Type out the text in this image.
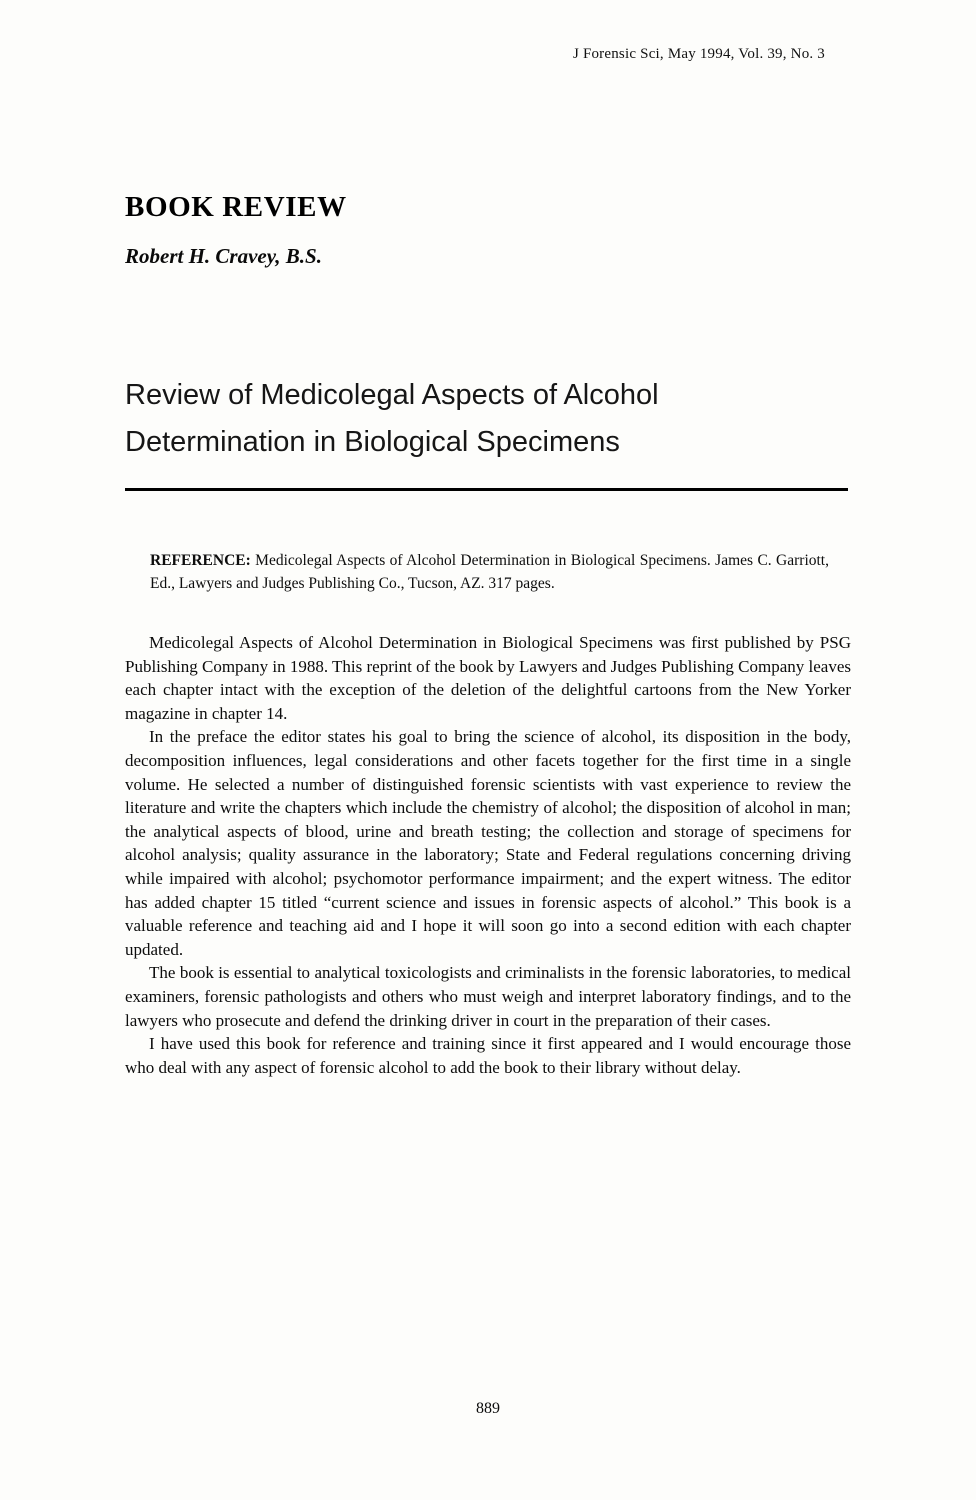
J Forensic Sci, May 1994, Vol. 39, No. 3
BOOK REVIEW
Robert H. Cravey, B.S.
Review of Medicolegal Aspects of Alcohol Determination in Biological Specimens
REFERENCE: Medicolegal Aspects of Alcohol Determination in Biological Specimens. James C. Garriott, Ed., Lawyers and Judges Publishing Co., Tucson, AZ. 317 pages.

Medicolegal Aspects of Alcohol Determination in Biological Specimens was first published by PSG Publishing Company in 1988. This reprint of the book by Lawyers and Judges Publishing Company leaves each chapter intact with the exception of the deletion of the delightful cartoons from the New Yorker magazine in chapter 14.

In the preface the editor states his goal to bring the science of alcohol, its disposition in the body, decomposition influences, legal considerations and other facets together for the first time in a single volume. He selected a number of distinguished forensic scientists with vast experience to review the literature and write the chapters which include the chemistry of alcohol; the disposition of alcohol in man; the analytical aspects of blood, urine and breath testing; the collection and storage of specimens for alcohol analysis; quality assurance in the laboratory; State and Federal regulations concerning driving while impaired with alcohol; psychomotor performance impairment; and the expert witness. The editor has added chapter 15 titled “current science and issues in forensic aspects of alcohol.” This book is a valuable reference and teaching aid and I hope it will soon go into a second edition with each chapter updated.

The book is essential to analytical toxicologists and criminalists in the forensic laboratories, to medical examiners, forensic pathologists and others who must weigh and interpret laboratory findings, and to the lawyers who prosecute and defend the drinking driver in court in the preparation of their cases.

I have used this book for reference and training since it first appeared and I would encourage those who deal with any aspect of forensic alcohol to add the book to their library without delay.

889
